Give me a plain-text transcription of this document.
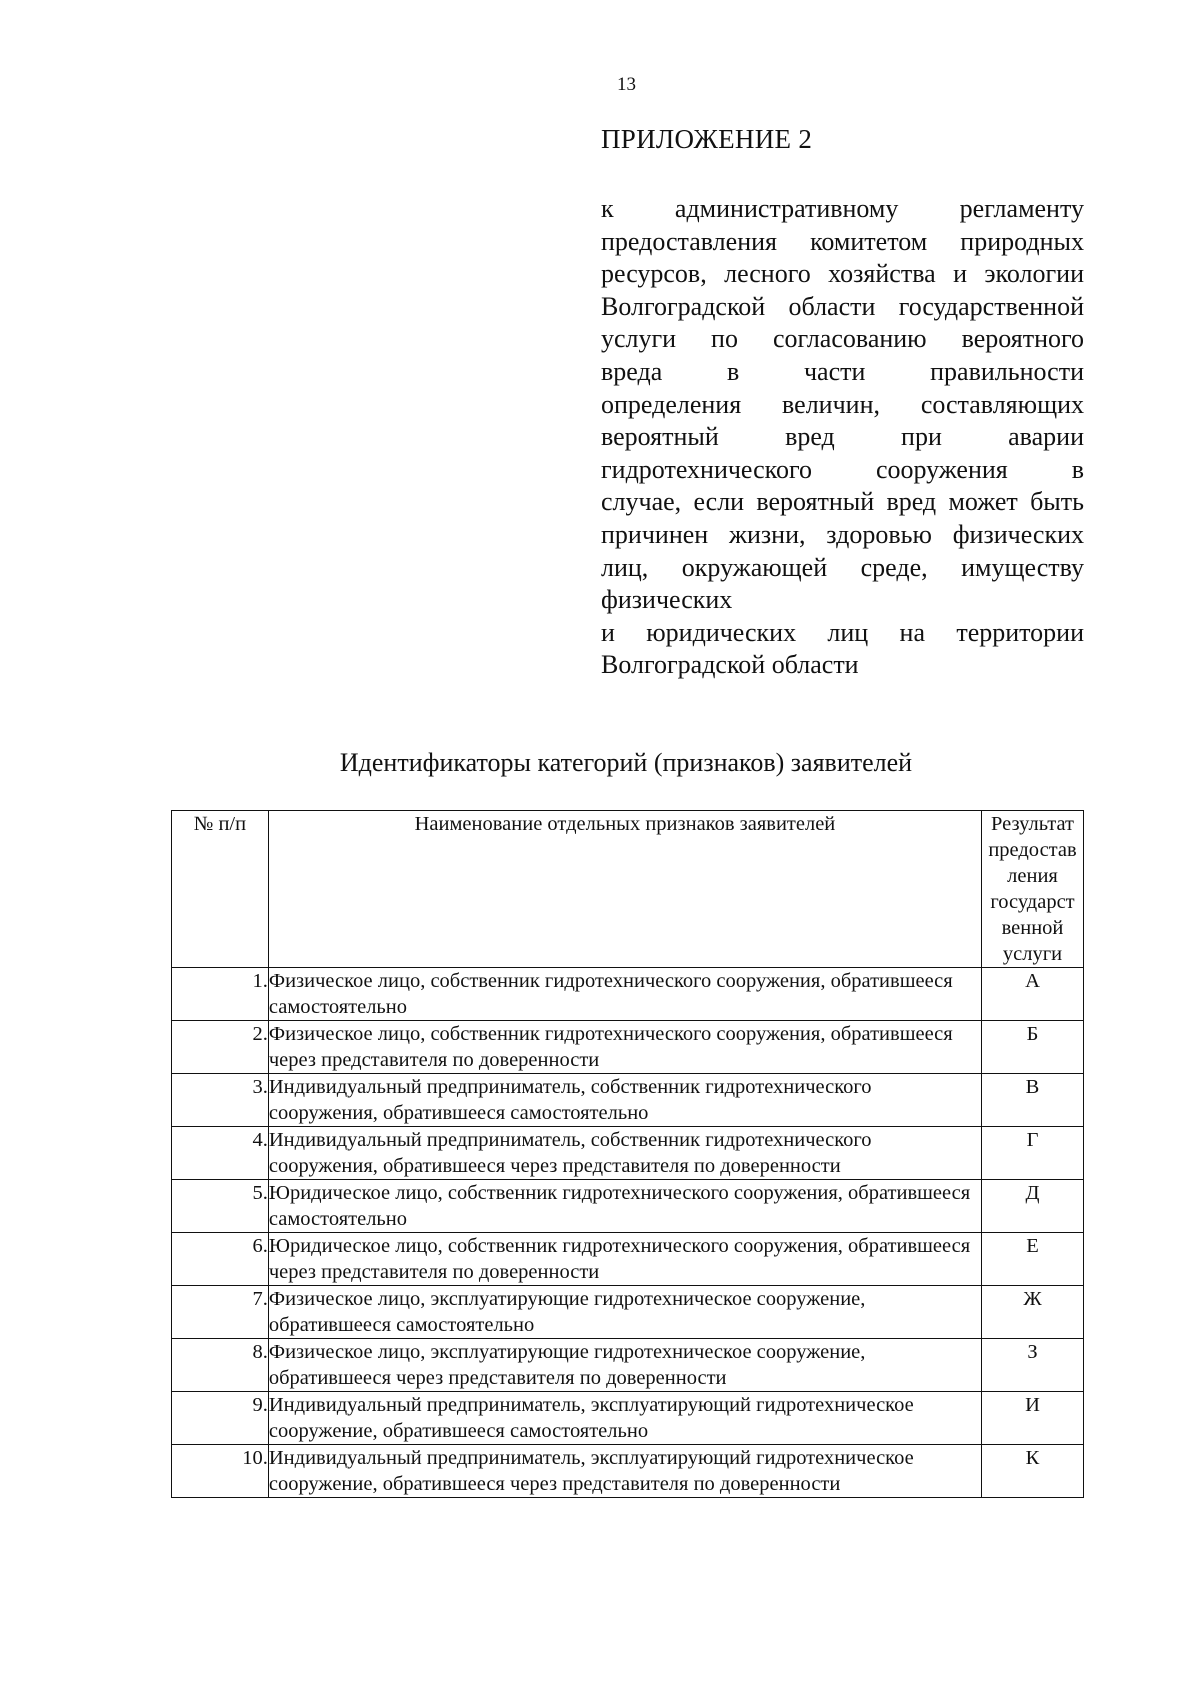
13
ПРИЛОЖЕНИЕ 2
к административному регламенту
предоставления комитетом природных
ресурсов, лесного хозяйства и экологии
Волгоградской области государственной
услуги по согласованию вероятного
вреда в части правильности
определения величин, составляющих
вероятный вред при аварии
гидротехнического сооружения в
случае, если вероятный вред может быть
причинен жизни, здоровью физических
лиц, окружающей среде, имуществу
физических
и юридических лиц на территории
Волгоградской области
Идентификаторы категорий (признаков) заявителей
№ п/п	Наименование отдельных признаков заявителей	Результат предостав ления государст венной услуги
1.	Физическое лицо, собственник гидротехнического сооружения, обратившееся самостоятельно	А
2.	Физическое лицо, собственник гидротехнического сооружения, обратившееся через представителя по доверенности	Б
3.	Индивидуальный предприниматель, собственник гидротехнического сооружения, обратившееся самостоятельно	В
4.	Индивидуальный предприниматель, собственник гидротехнического сооружения, обратившееся через представителя по доверенности	Г
5.	Юридическое лицо, собственник гидротехнического сооружения, обратившееся самостоятельно	Д
6.	Юридическое лицо, собственник гидротехнического сооружения, обратившееся через представителя по доверенности	Е
7.	Физическое лицо, эксплуатирующие гидротехническое сооружение, обратившееся самостоятельно	Ж
8.	Физическое лицо, эксплуатирующие гидротехническое сооружение, обратившееся через представителя по доверенности	З
9.	Индивидуальный предприниматель, эксплуатирующий гидротехническое сооружение, обратившееся самостоятельно	И
10.	Индивидуальный предприниматель, эксплуатирующий гидротехническое сооружение, обратившееся через представителя по доверенности	К
